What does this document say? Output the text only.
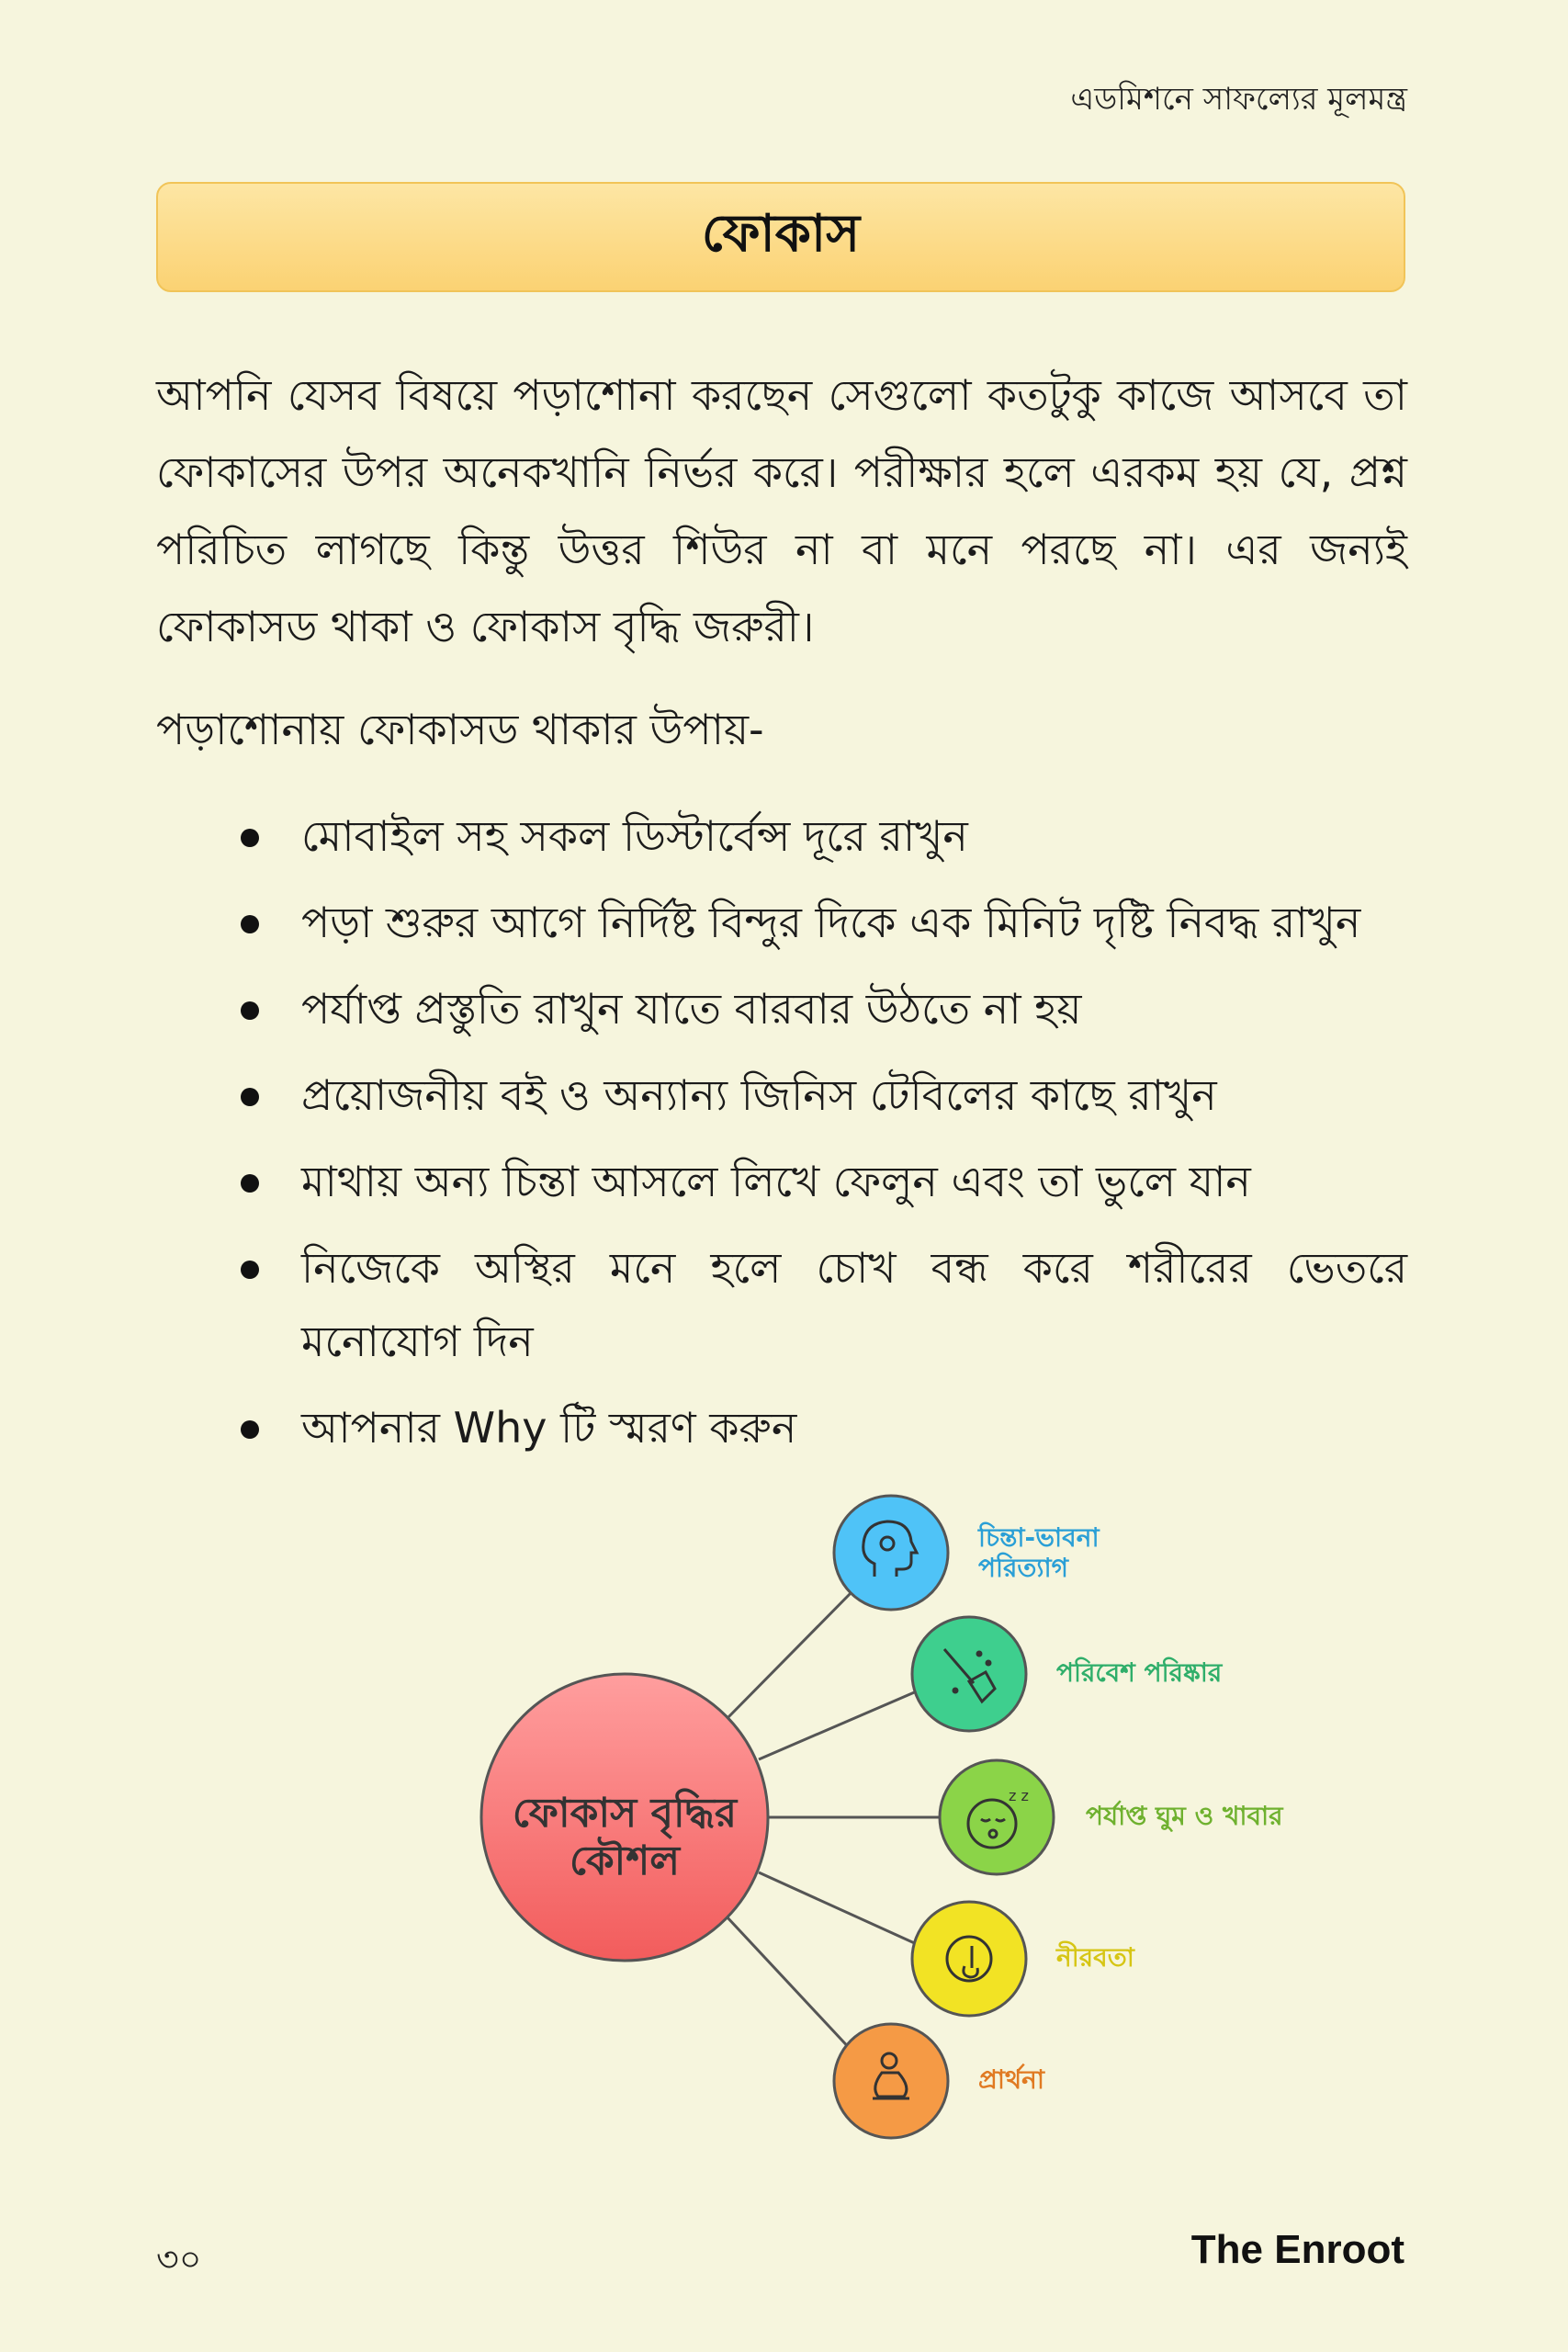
এডমিশনে সাফল্যের মূলমন্ত্র
ফোকাস
আপনি যেসব বিষয়ে পড়াশোনা করছেন সেগুলো কতটুকু কাজে আসবে তা ফোকাসের উপর অনেকখানি নির্ভর করে। পরীক্ষার হলে এরকম হয় যে, প্রশ্ন পরিচিত লাগছে কিন্তু উত্তর শিউর না বা মনে পরছে না। এর জন্যই ফোকাসড থাকা ও ফোকাস বৃদ্ধি জরুরী।
পড়াশোনায় ফোকাসড থাকার উপায়-
মোবাইল সহ সকল ডিস্টার্বেন্স দূরে রাখুন
পড়া শুরুর আগে নির্দিষ্ট বিন্দুর দিকে এক মিনিট দৃষ্টি নিবদ্ধ রাখুন
পর্যাপ্ত প্রস্তুতি রাখুন যাতে বারবার উঠতে না হয়
প্রয়োজনীয় বই ও অন্যান্য জিনিস টেবিলের কাছে রাখুন
মাথায় অন্য চিন্তা আসলে লিখে ফেলুন এবং তা ভুলে যান
নিজেকে অস্থির মনে হলে চোখ বন্ধ করে শরীরের ভেতরে মনোযোগ দিন
আপনার Why টি স্মরণ করুন
ফোকাস বৃদ্ধির
কৌশল
চিন্তা-ভাবনা
পরিত্যাগ
পরিবেশ পরিষ্কার
z z
পর্যাপ্ত ঘুম ও খাবার
নীরবতা
প্রার্থনা
৩০	The Enroot
